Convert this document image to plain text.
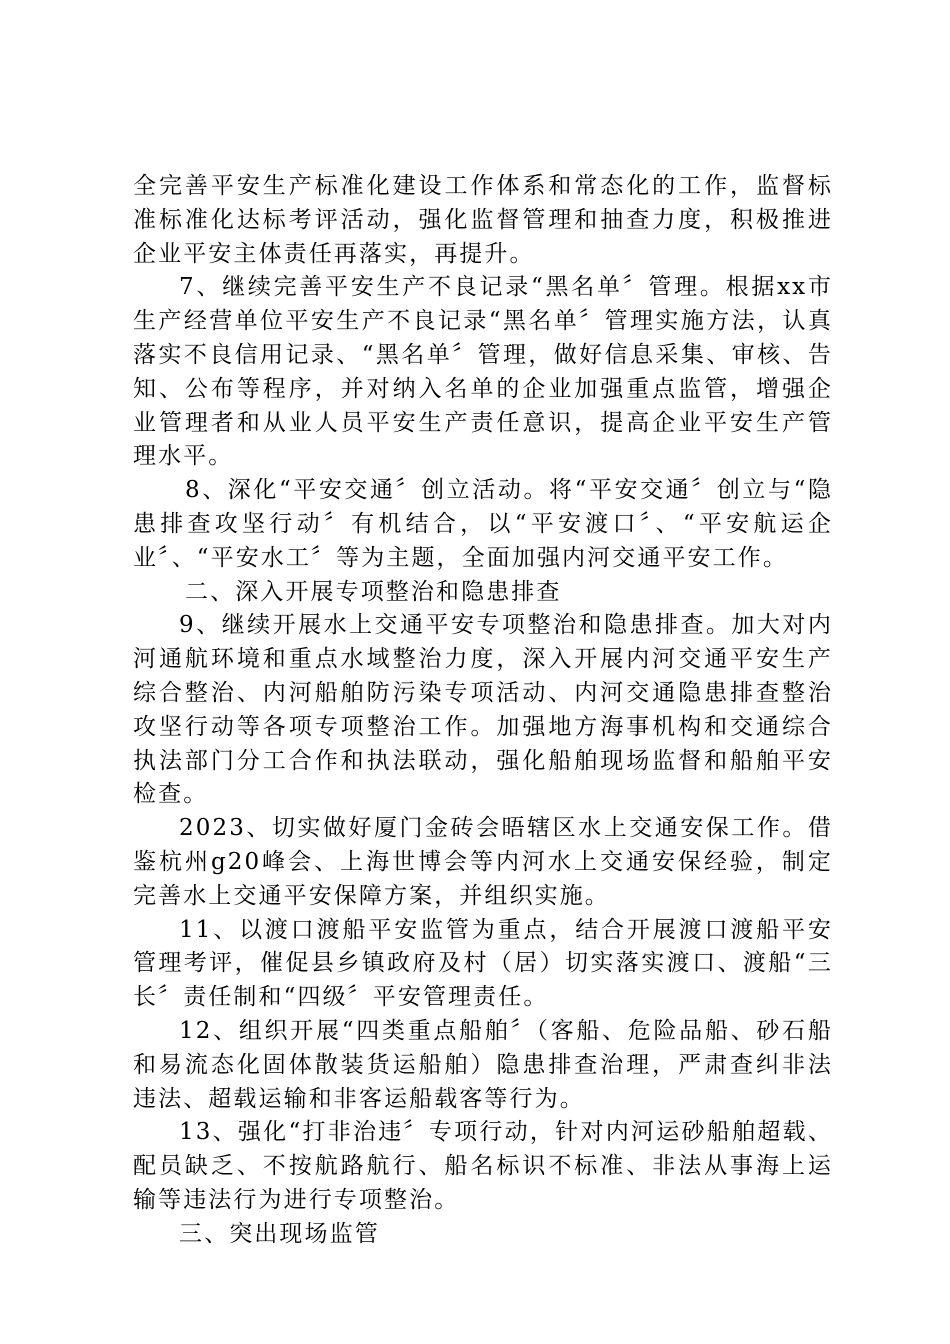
全完善平安生产标准化建设工作体系和常态化的工作，监督标准标准化达标考评活动，强化监督管理和抽查力度，积极推进企业平安主体责任再落实，再提升。

7、继续完善平安生产不良记录“黑名单〞管理。根据xx市生产经营单位平安生产不良记录“黑名单〞管理实施方法，认真落实不良信用记录、“黑名单〞管理，做好信息采集、审核、告知、公布等程序，并对纳入名单的企业加强重点监管，增强企业管理者和从业人员平安生产责任意识，提高企业平安生产管理水平。

8、深化“平安交通〞创立活动。将“平安交通〞创立与“隐患排查攻坚行动〞有机结合，以“平安渡口〞、“平安航运企业〞、“平安水工〞等为主题，全面加强内河交通平安工作。

二、深入开展专项整治和隐患排查

9、继续开展水上交通平安专项整治和隐患排查。加大对内河通航环境和重点水域整治力度，深入开展内河交通平安生产综合整治、内河船舶防污染专项活动、内河交通隐患排查整治攻坚行动等各项专项整治工作。加强地方海事机构和交通综合执法部门分工合作和执法联动，强化船舶现场监督和船舶平安检查。

2023、切实做好厦门金砖会晤辖区水上交通安保工作。借鉴杭州g20峰会、上海世博会等内河水上交通安保经验，制定完善水上交通平安保障方案，并组织实施。

11、以渡口渡船平安监管为重点，结合开展渡口渡船平安管理考评，催促县乡镇政府及村（居）切实落实渡口、渡船“三长〞责任制和“四级〞平安管理责任。

12、组织开展“四类重点船舶〞（客船、危险品船、砂石船和易流态化固体散装货运船舶）隐患排查治理，严肃查纠非法违法、超载运输和非客运船载客等行为。

13、强化“打非治违〞专项行动，针对内河运砂船舶超载、配员缺乏、不按航路航行、船名标识不标准、非法从事海上运输等违法行为进行专项整治。

三、突出现场监管
